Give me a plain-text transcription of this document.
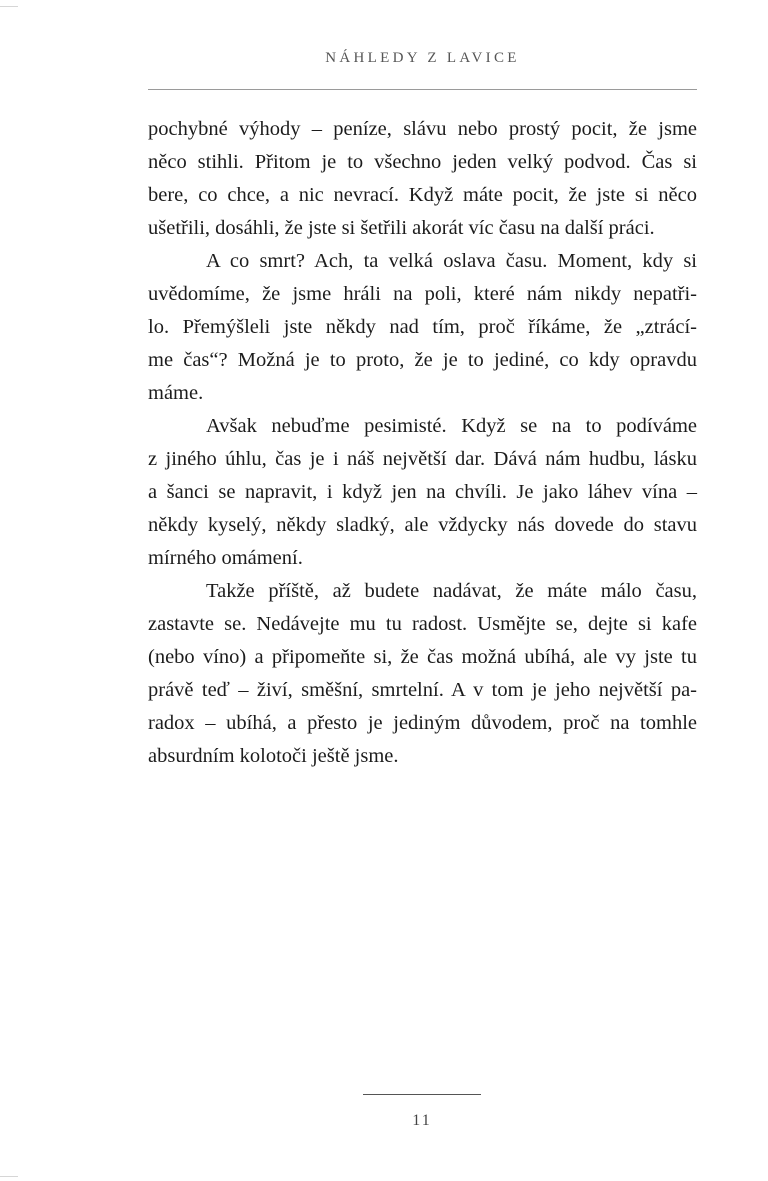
NÁHLEDY Z LAVICE
pochybné výhody – peníze, slávu nebo prostý pocit, že jsme
něco stihli. Přitom je to všechno jeden velký podvod. Čas si
bere, co chce, a nic nevrací. Když máte pocit, že jste si něco
ušetřili, dosáhli, že jste si šetřili akorát víc času na další práci.
A co smrt? Ach, ta velká oslava času. Moment, kdy si
uvědomíme, že jsme hráli na poli, které nám nikdy nepatři-
lo. Přemýšleli jste někdy nad tím, proč říkáme, že „ztrácí-
me čas“? Možná je to proto, že je to jediné, co kdy opravdu
máme.
Avšak nebuďme pesimisté. Když se na to podíváme
z jiného úhlu, čas je i náš největší dar. Dává nám hudbu, lásku
a šanci se napravit, i když jen na chvíli. Je jako láhev vína –
někdy kyselý, někdy sladký, ale vždycky nás dovede do stavu
mírného omámení.
Takže příště, až budete nadávat, že máte málo času,
zastavte se. Nedávejte mu tu radost. Usmějte se, dejte si kafe
(nebo víno) a připomeňte si, že čas možná ubíhá, ale vy jste tu
právě teď – živí, směšní, smrtelní. A v tom je jeho největší pa-
radox – ubíhá, a přesto je jediným důvodem, proč na tomhle
absurdním kolotoči ještě jsme.
11
